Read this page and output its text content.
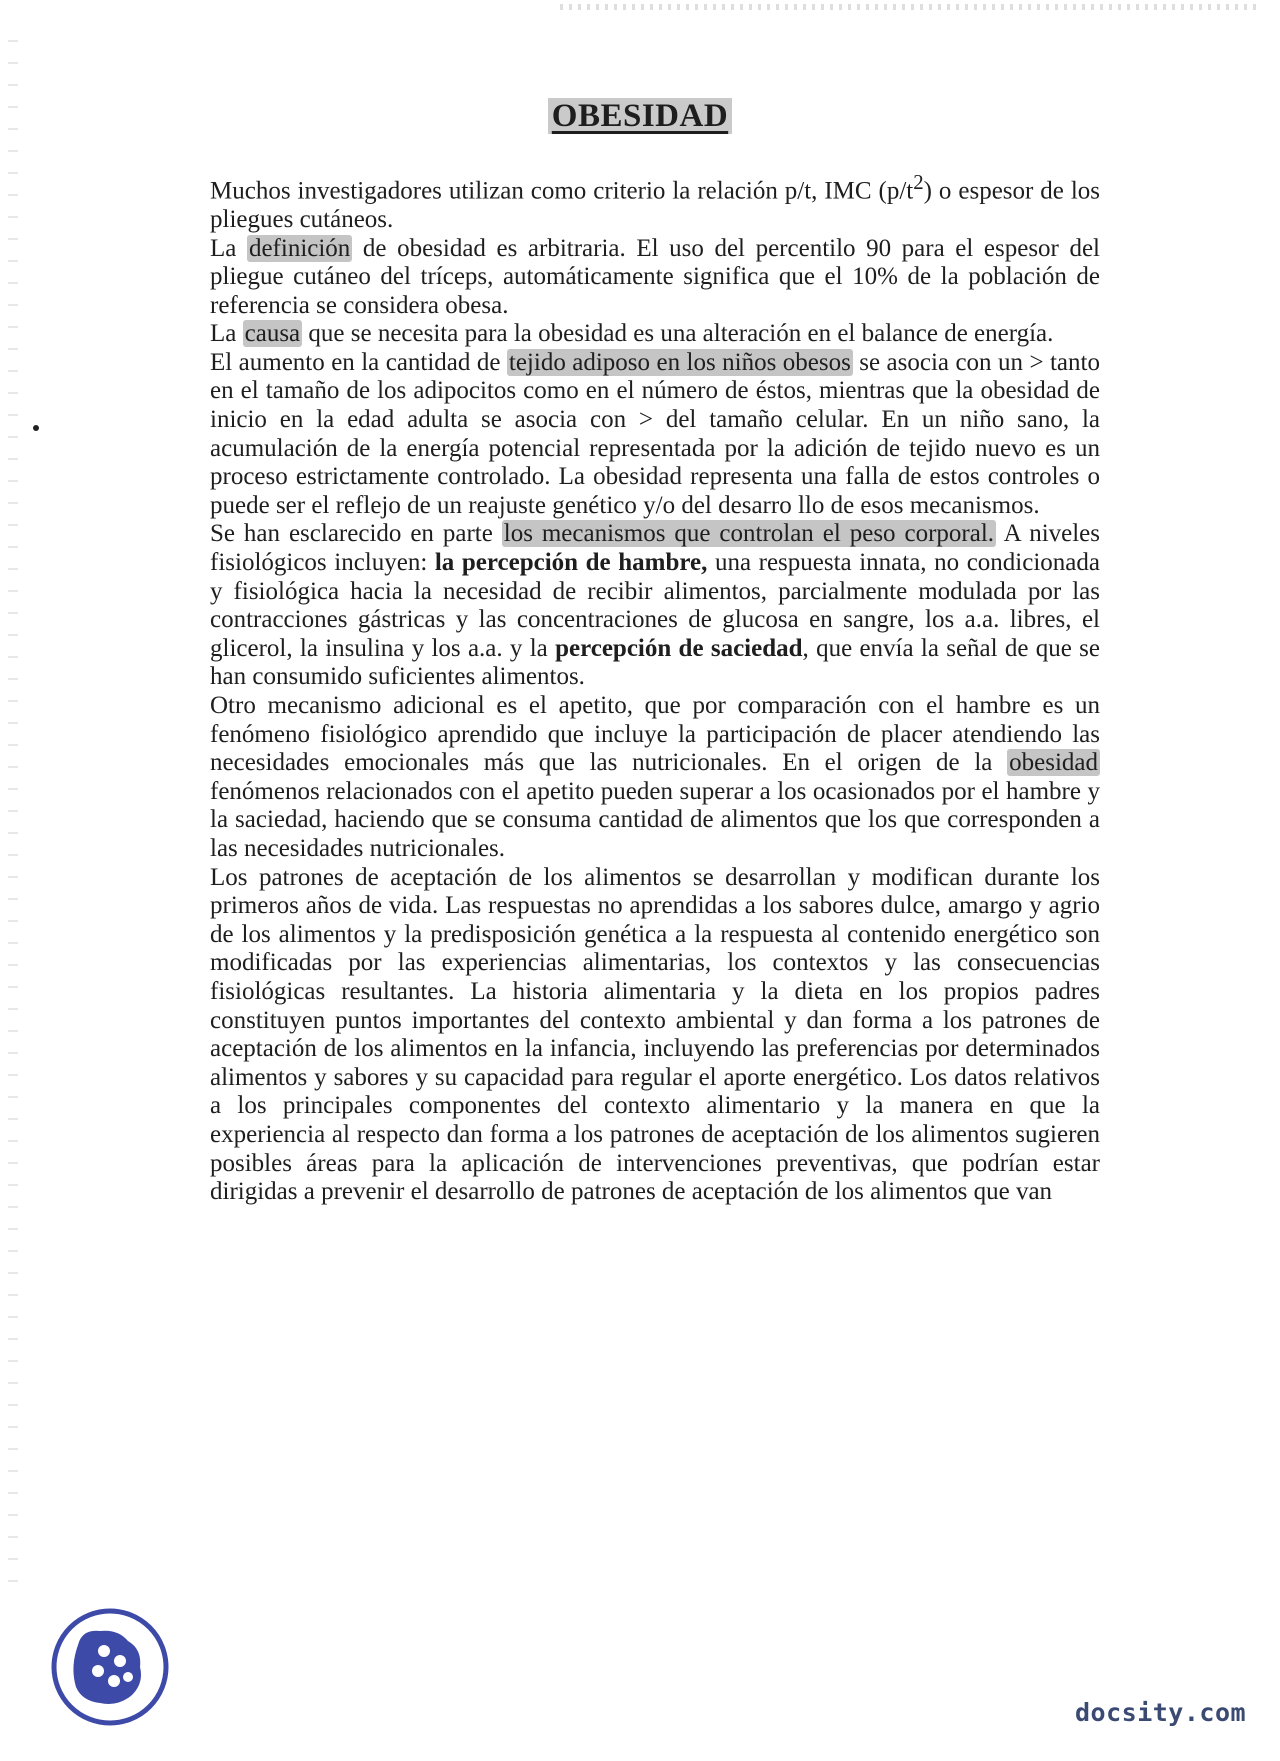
OBESIDAD

Muchos investigadores utilizan como criterio la relación p/t, IMC $(p/t^2)$ o espesor de los pliegues cutáneos.

La definición de obesidad es arbitraria. El uso del percentilo 90 para el espesor del pliegue cutáneo del tríceps, automáticamente significa que el 10% de la población de referencia se considera obesa.

La causa que se necesita para la obesidad es una alteración en el balance de energía.

El aumento en la cantidad de tejido adiposo en los niños obesos se asocia con un > tanto en el tamaño de los adipocitos como en el número de éstos, mientras que la obesidad de inicio en la edad adulta se asocia con > del tamaño celular. En un niño sano, la acumulación de la energía potencial representada por la adición de tejido nuevo es un proceso estrictamente controlado. La obesidad representa una falla de estos controles o puede ser el reflejo de un reajuste genético y/o del desarro llo de esos mecanismos.

Se han esclarecido en parte los mecanismos que controlan el peso corporal. A niveles fisiológicos incluyen: la percepción de hambre, una respuesta innata, no condicionada y fisiológica hacia la necesidad de recibir alimentos, parcialmente modulada por las contracciones gástricas y las concentraciones de glucosa en sangre, los a.a. libres, el glicerol, la insulina y los a.a. y la percepción de saciedad, que envía la señal de que se han consumido suficientes alimentos.

Otro mecanismo adicional es el apetito, que por comparación con el hambre es un fenómeno fisiológico aprendido que incluye la participación de placer atendiendo las necesidades emocionales más que las nutricionales. En el origen de la obesidad fenómenos relacionados con el apetito pueden superar a los ocasionados por el hambre y la saciedad, haciendo que se consuma cantidad de alimentos que los que corresponden a las necesidades nutricionales.

Los patrones de aceptación de los alimentos se desarrollan y modifican durante los primeros años de vida. Las respuestas no aprendidas a los sabores dulce, amargo y agrio de los alimentos y la predisposición genética a la respuesta al contenido energético son modificadas por las experiencias alimentarias, los contextos y las consecuencias fisiológicas resultantes. La historia alimentaria y la dieta en los propios padres constituyen puntos importantes del contexto ambiental y dan forma a los patrones de aceptación de los alimentos en la infancia, incluyendo las preferencias por determinados alimentos y sabores y su capacidad para regular el aporte energético. Los datos relativos a los principales componentes del contexto alimentario y la manera en que la experiencia al respecto dan forma a los patrones de aceptación de los alimentos sugieren posibles áreas para la aplicación de intervenciones preventivas, que podrían estar dirigidas a prevenir el desarrollo de patrones de aceptación de los alimentos que van

docsity.com
